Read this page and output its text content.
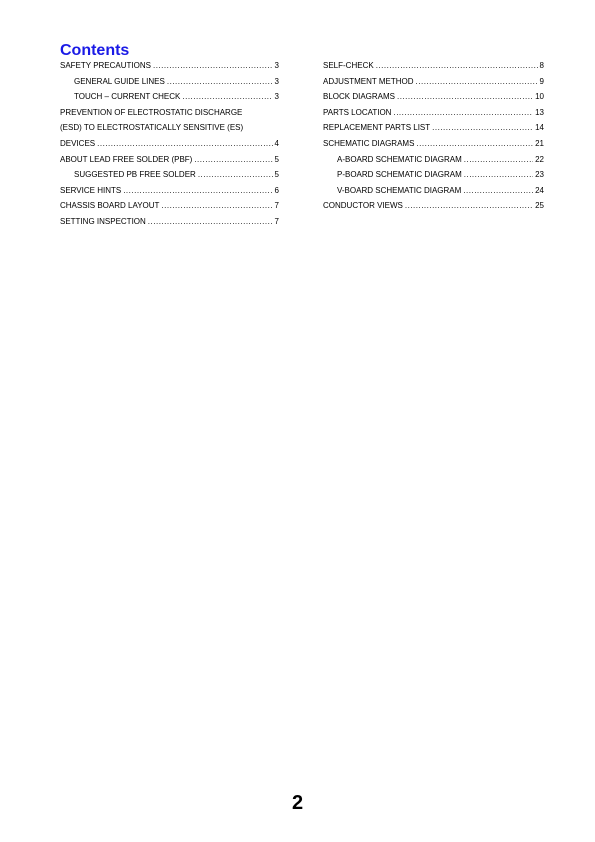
Contents
SAFETY PRECAUTIONS .....	3
GENERAL GUIDE LINES .....	3
TOUCH – CURRENT CHECK .....	3
PREVENTION OF ELECTROSTATIC DISCHARGE
(ESD) TO ELECTROSTATICALLY SENSITIVE (ES)
DEVICES .....	4
ABOUT LEAD FREE SOLDER (PBF) .....	5
SUGGESTED PB FREE SOLDER .....	5
SERVICE HINTS .....	6
CHASSIS BOARD LAYOUT .....	7
SETTING INSPECTION .....	7
SELF-CHECK .....	8
ADJUSTMENT METHOD .....	9
BLOCK DIAGRAMS .....	10
PARTS LOCATION .....	13
REPLACEMENT PARTS LIST .....	14
SCHEMATIC DIAGRAMS .....	21
A-BOARD SCHEMATIC DIAGRAM .....	22
P-BOARD SCHEMATIC DIAGRAM .....	23
V-BOARD SCHEMATIC DIAGRAM .....	24
CONDUCTOR VIEWS .....	25
2
